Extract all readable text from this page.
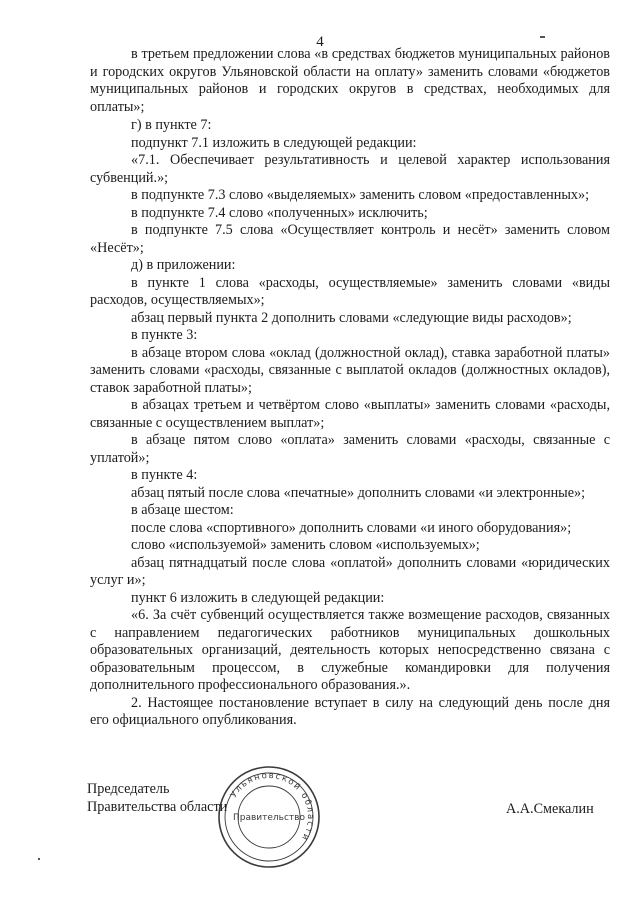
4

в третьем предложении слова «в средствах бюджетов муниципальных районов и городских округов Ульяновской области на оплату» заменить словами «бюджетов муниципальных районов и городских округов в средствах, необходимых для оплаты»;

г) в пункте 7:

подпункт 7.1 изложить в следующей редакции:

«7.1. Обеспечивает результативность и целевой характер использования субвенций.»;

в подпункте 7.3 слово «выделяемых» заменить словом «предоставленных»;

в подпункте 7.4 слово «полученных» исключить;

в подпункте 7.5 слова «Осуществляет контроль и несёт» заменить словом «Несёт»;

д) в приложении:

в пункте 1 слова «расходы, осуществляемые» заменить словами «виды расходов, осуществляемых»;

абзац первый пункта 2 дополнить словами «следующие виды расходов»;

в пункте 3:

в абзаце втором слова «оклад (должностной оклад), ставка заработной платы» заменить словами «расходы, связанные с выплатой окладов (должностных окладов), ставок заработной платы»;

в абзацах третьем и четвёртом слово «выплаты» заменить словами «расходы, связанные с осуществлением выплат»;

в абзаце пятом слово «оплата» заменить словами «расходы, связанные с уплатой»;

в пункте 4:

абзац пятый после слова «печатные» дополнить словами «и электронные»;

в абзаце шестом:

после слова «спортивного» дополнить словами «и иного оборудования»;

слово «используемой» заменить словом «используемых»;

абзац пятнадцатый после слова «оплатой» дополнить словами «юридических услуг и»;

пункт 6 изложить в следующей редакции:

«6. За счёт субвенций осуществляется также возмещение расходов, связанных с направлением педагогических работников муниципальных дошкольных образовательных организаций, деятельность которых непосредственно связана с образовательным процессом, в служебные командировки для получения дополнительного профессионального образования.».

2. Настоящее постановление вступает в силу на следующий день после дня его официального опубликования.

Председатель
Правительства области
Ульяновской области
Правительство
А.А.Смекалин
